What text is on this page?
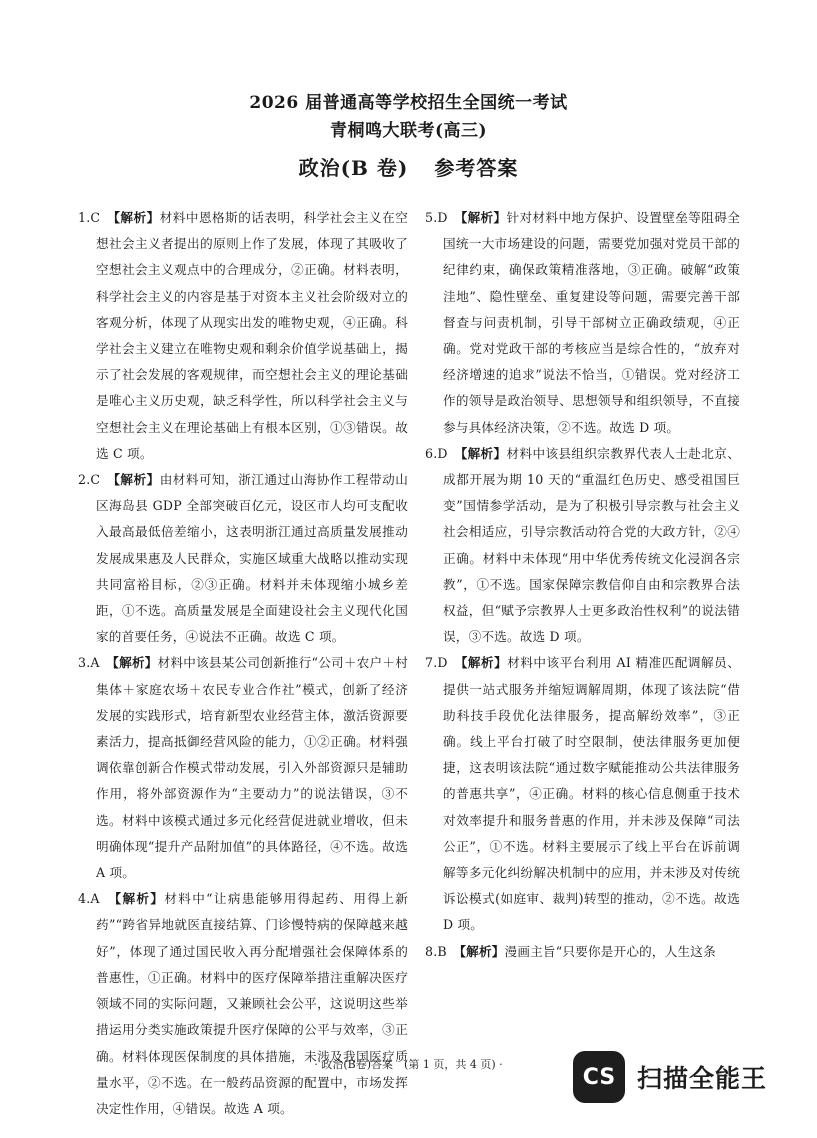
2026 届普通高等学校招生全国统一考试
青桐鸣大联考(高三)
政治(B 卷) 参考答案

1.C　 【解析】材料中恩格斯的话表明，科学社会主义在空想社会主义者提出的原则上作了发展，体现了其吸收了空想社会主义观点中的合理成分，②正确。材料表明，科学社会主义的内容是基于对资本主义社会阶级对立的客观分析，体现了从现实出发的唯物史观，④正确。科学社会主义建立在唯物史观和剩余价值学说基础上，揭示了社会发展的客观规律，而空想社会主义的理论基础是唯心主义历史观，缺乏科学性，所以科学社会主义与空想社会主义在理论基础上有根本区别，①③错误。故选 C 项。

2.C　 【解析】由材料可知，浙江通过山海协作工程带动山区海岛县 GDP 全部突破百亿元，设区市人均可支配收入最高最低倍差缩小，这表明浙江通过高质量发展推动发展成果惠及人民群众，实施区域重大战略以推动实现共同富裕目标，②③正确。材料并未体现缩小城乡差距，①不选。高质量发展是全面建设社会主义现代化国家的首要任务，④说法不正确。故选 C 项。

3.A　 【解析】材料中该县某公司创新推行“公司＋农户＋村集体＋家庭农场＋农民专业合作社”模式，创新了经济发展的实践形式，培育新型农业经营主体，激活资源要素活力，提高抵御经营风险的能力，①②正确。材料强调依靠创新合作模式带动发展，引入外部资源只是辅助作用，将外部资源作为“主要动力”的说法错误，③不选。材料中该模式通过多元化经营促进就业增收，但未明确体现“提升产品附加值”的具体路径，④不选。故选 A 项。

4.A　 【解析】材料中“让病患能够用得起药、用得上新药”“跨省异地就医直接结算、门诊慢特病的保障越来越好”，体现了通过国民收入再分配增强社会保障体系的普惠性，①正确。材料中的医疗保障举措注重解决医疗领域不同的实际问题，又兼顾社会公平，这说明这些举措运用分类实施政策提升医疗保障的公平与效率，③正确。材料体现医保制度的具体措施，未涉及我国医疗质量水平，②不选。在一般药品资源的配置中，市场发挥决定性作用，④错误。故选 A 项。

5.D　 【解析】针对材料中地方保护、设置壁垒等阻碍全国统一大市场建设的问题，需要党加强对党员干部的纪律约束，确保政策精准落地，③正确。破解“政策洼地”、隐性壁垒、重复建设等问题，需要完善干部督查与问责机制，引导干部树立正确政绩观，④正确。党对党政干部的考核应当是综合性的，“放弃对经济增速的追求”说法不恰当，①错误。党对经济工作的领导是政治领导、思想领导和组织领导，不直接参与具体经济决策，②不选。故选 D 项。

6.D　 【解析】材料中该县组织宗教界代表人士赴北京、成都开展为期 10 天的“重温红色历史、感受祖国巨变”国情参学活动，是为了积极引导宗教与社会主义社会相适应，引导宗教活动符合党的大政方针，②④正确。材料中未体现“用中华优秀传统文化浸润各宗教”，①不选。国家保障宗教信仰自由和宗教界合法权益，但“赋予宗教界人士更多政治性权利”的说法错误，③不选。故选 D 项。

7.D　 【解析】材料中该平台利用 AI 精准匹配调解员、提供一站式服务并缩短调解周期，体现了该法院“借助科技手段优化法律服务，提高解纷效率”，③正确。线上平台打破了时空限制，使法律服务更加便捷，这表明该法院“通过数字赋能推动公共法律服务的普惠共享”，④正确。材料的核心信息侧重于技术对效率提升和服务普惠的作用，并未涉及保障“司法公正”，①不选。材料主要展示了线上平台在诉前调解等多元化纠纷解决机制中的应用，并未涉及对传统诉讼模式(如庭审、裁判)转型的推动，②不选。故选 D 项。

8.B　 【解析】漫画主旨“只要你是开心的，人生这条

· 政治(B卷)答案　(第 1 页，共 4 页) ·	CS 扫描全能王
